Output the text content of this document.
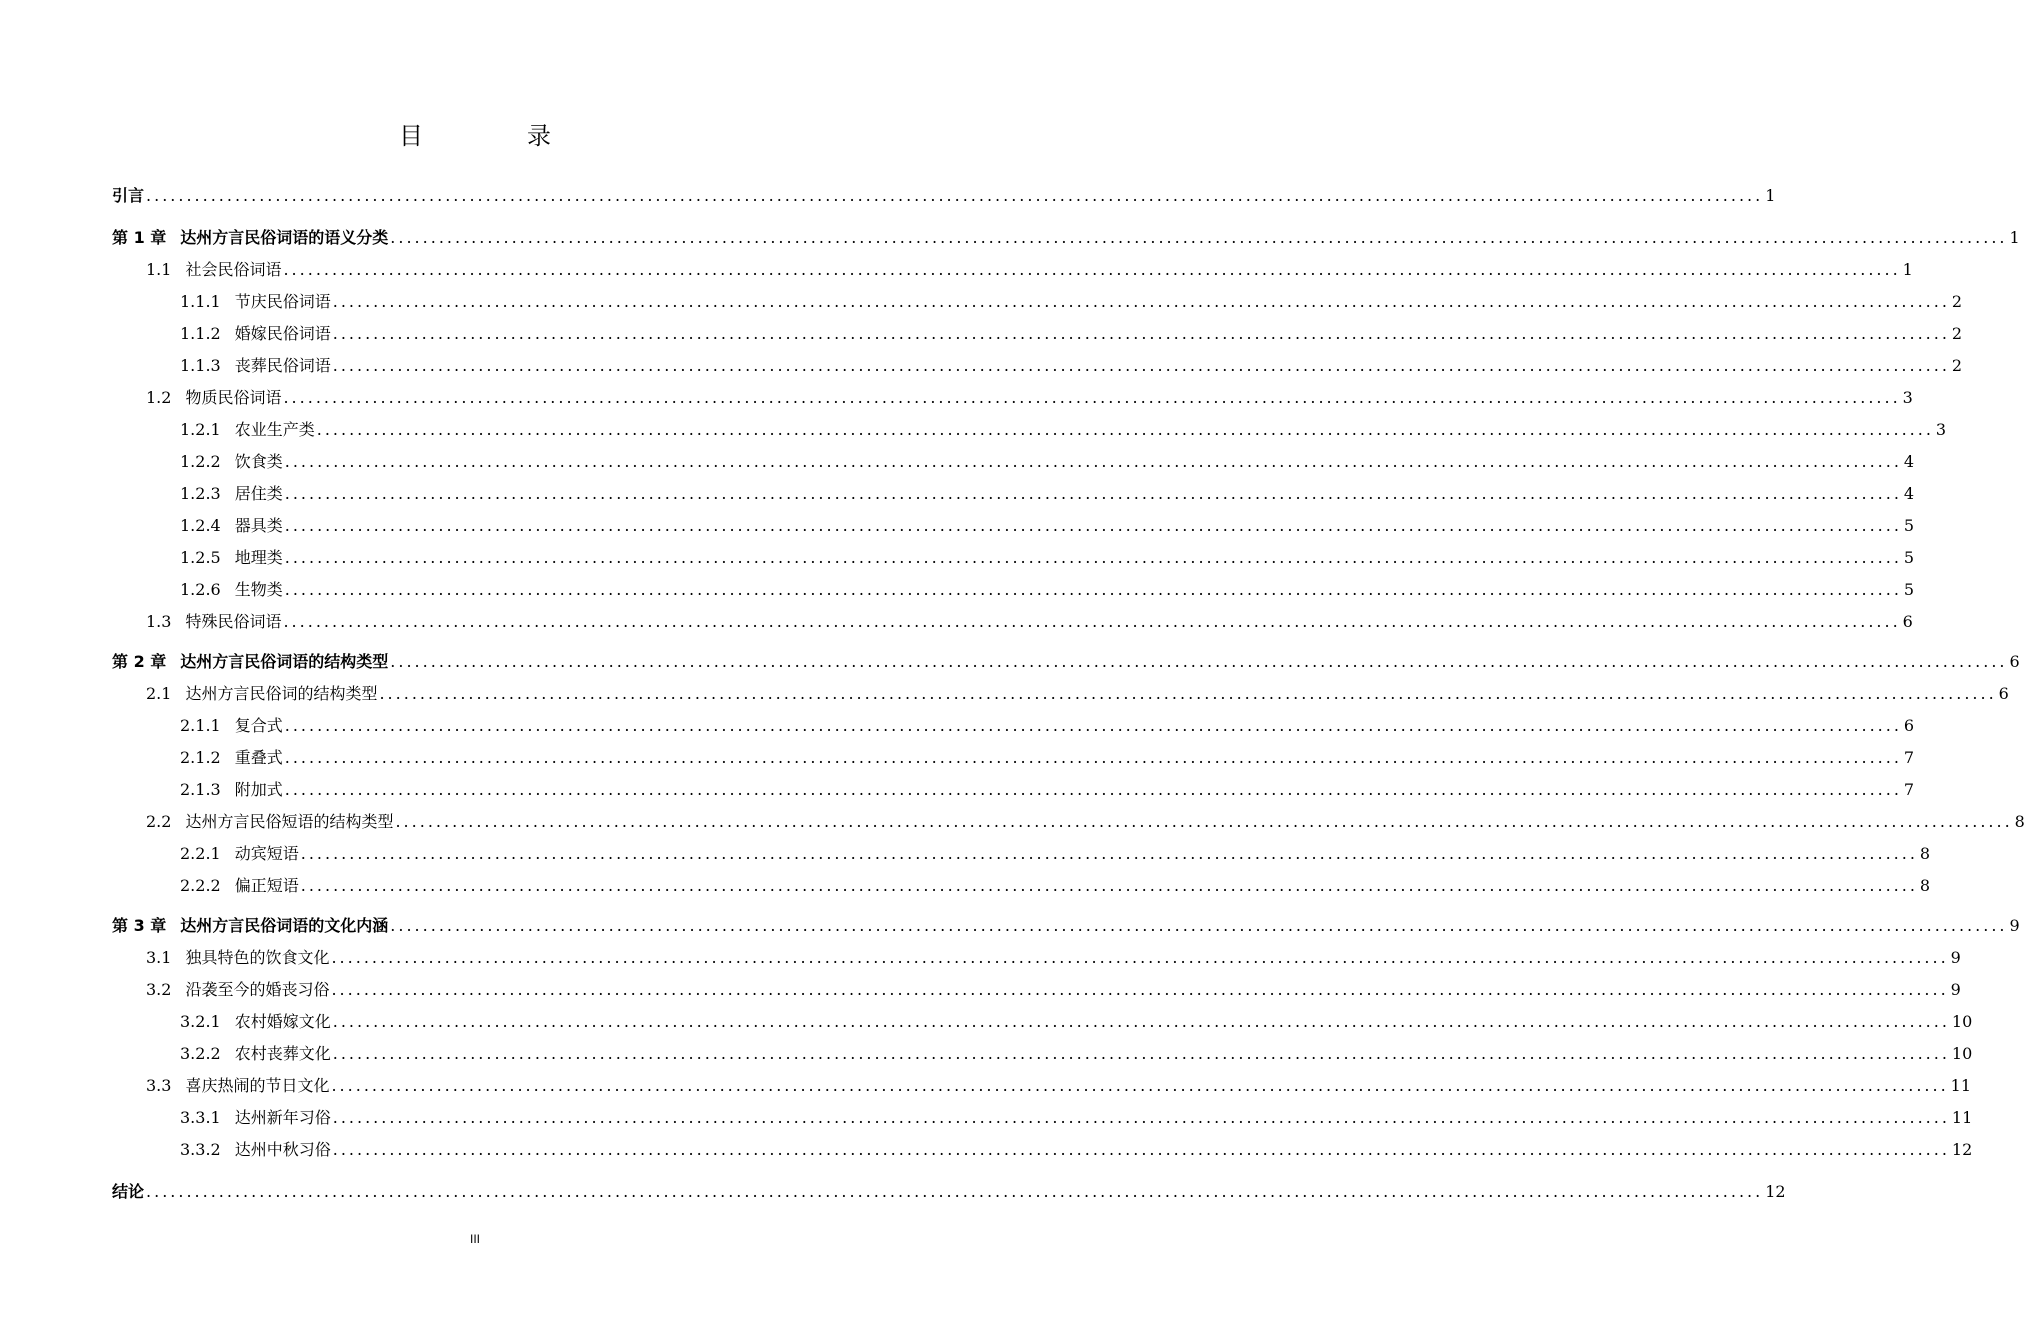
目　录
引言 ........................................................................................................................................................................................................ 1
第 1 章 达州方言民俗词语的语义分类 ........................................................................................................................................................................................................ 1
1.1 社会民俗词语 ........................................................................................................................................................................................................ 1
1.1.1 节庆民俗词语 ........................................................................................................................................................................................................ 2
1.1.2 婚嫁民俗词语 ........................................................................................................................................................................................................ 2
1.1.3 丧葬民俗词语 ........................................................................................................................................................................................................ 2
1.2 物质民俗词语 ........................................................................................................................................................................................................ 3
1.2.1 农业生产类 ........................................................................................................................................................................................................ 3
1.2.2 饮食类 ........................................................................................................................................................................................................ 4
1.2.3 居住类 ........................................................................................................................................................................................................ 4
1.2.4 器具类 ........................................................................................................................................................................................................ 5
1.2.5 地理类 ........................................................................................................................................................................................................ 5
1.2.6 生物类 ........................................................................................................................................................................................................ 5
1.3 特殊民俗词语 ........................................................................................................................................................................................................ 6
第 2 章 达州方言民俗词语的结构类型 ........................................................................................................................................................................................................ 6
2.1 达州方言民俗词的结构类型 ........................................................................................................................................................................................................ 6
2.1.1 复合式 ........................................................................................................................................................................................................ 6
2.1.2 重叠式 ........................................................................................................................................................................................................ 7
2.1.3 附加式 ........................................................................................................................................................................................................ 7
2.2 达州方言民俗短语的结构类型 ........................................................................................................................................................................................................ 8
2.2.1 动宾短语 ........................................................................................................................................................................................................ 8
2.2.2 偏正短语 ........................................................................................................................................................................................................ 8
第 3 章 达州方言民俗词语的文化内涵 ........................................................................................................................................................................................................ 9
3.1 独具特色的饮食文化 ........................................................................................................................................................................................................ 9
3.2 沿袭至今的婚丧习俗 ........................................................................................................................................................................................................ 9
3.2.1 农村婚嫁文化 ........................................................................................................................................................................................................ 10
3.2.2 农村丧葬文化 ........................................................................................................................................................................................................ 10
3.3 喜庆热闹的节日文化 ........................................................................................................................................................................................................ 11
3.3.1 达州新年习俗 ........................................................................................................................................................................................................ 11
3.3.2 达州中秋习俗 ........................................................................................................................................................................................................ 12
结论 ........................................................................................................................................................................................................ 12
III
